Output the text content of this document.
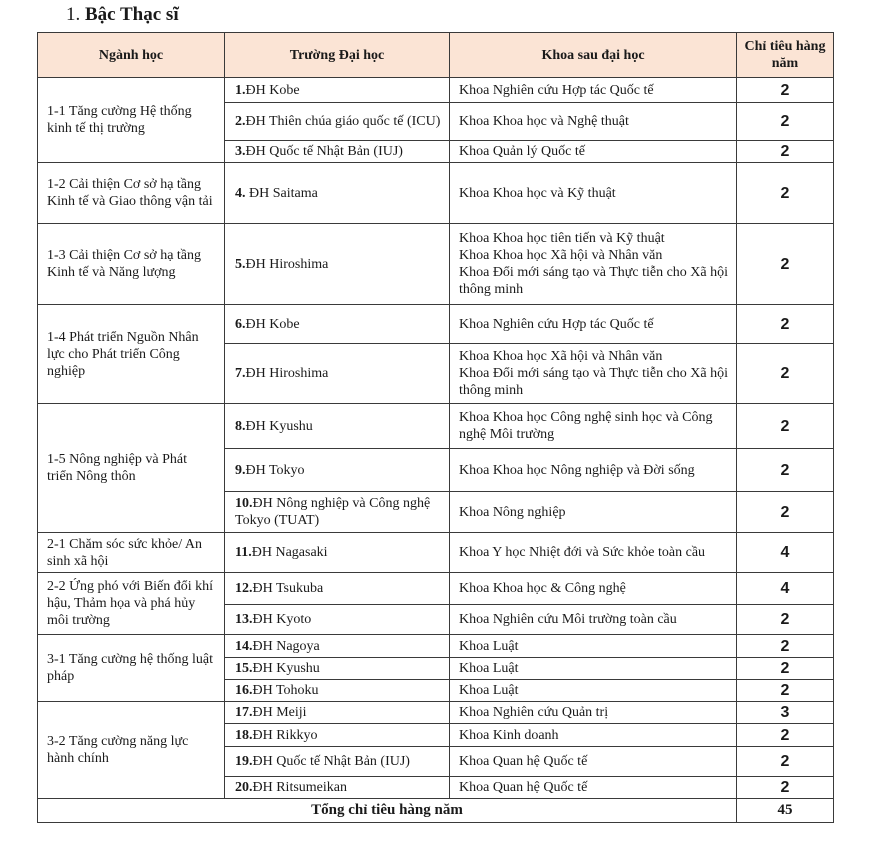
1. Bậc Thạc sĩ
Ngành học	Trường Đại học	Khoa sau đại học	Chỉ tiêu hàng năm
1-1 Tăng cường Hệ thống kinh tế thị trường	1.ĐH Kobe	Khoa Nghiên cứu Hợp tác Quốc tế	2
	2.ĐH Thiên chúa giáo quốc tế (ICU)	Khoa Khoa học và Nghệ thuật	2
	3.ĐH Quốc tế Nhật Bản (IUJ)	Khoa Quản lý Quốc tế	2
1-2 Cải thiện Cơ sở hạ tầng Kinh tế và Giao thông vận tải	4. ĐH Saitama	Khoa Khoa học và Kỹ thuật	2
1-3 Cải thiện Cơ sở hạ tầng Kinh tế và Năng lượng	5.ĐH Hiroshima	Khoa Khoa học tiên tiến và Kỹ thuật
Khoa Khoa học Xã hội và Nhân văn
Khoa Đổi mới sáng tạo và Thực tiễn cho Xã hội thông minh	2
1-4 Phát triển Nguồn Nhân lực cho Phát triển Công nghiệp	6.ĐH Kobe	Khoa Nghiên cứu Hợp tác Quốc tế	2
	7.ĐH Hiroshima	Khoa Khoa học Xã hội và Nhân văn
Khoa Đổi mới sáng tạo và Thực tiễn cho Xã hội thông minh	2
1-5 Nông nghiệp và Phát triển Nông thôn	8.ĐH Kyushu	Khoa Khoa học Công nghệ sinh học và Công nghệ Môi trường	2
	9.ĐH Tokyo	Khoa Khoa học Nông nghiệp và Đời sống	2
	10.ĐH Nông nghiệp và Công nghệ Tokyo (TUAT)	Khoa Nông nghiệp	2
2-1 Chăm sóc sức khỏe/ An sinh xã hội	11.ĐH Nagasaki	Khoa Y học Nhiệt đới và Sức khỏe toàn cầu	4
2-2 Ứng phó với Biến đổi khí hậu, Thảm họa và phá hủy môi trường	12.ĐH Tsukuba	Khoa Khoa học & Công nghệ	4
	13.ĐH Kyoto	Khoa Nghiên cứu Môi trường toàn cầu	2
3-1 Tăng cường hệ thống luật pháp	14.ĐH Nagoya	Khoa Luật	2
	15.ĐH Kyushu	Khoa Luật	2
	16.ĐH Tohoku	Khoa Luật	2
3-2 Tăng cường năng lực hành chính	17.ĐH Meiji	Khoa Nghiên cứu Quản trị	3
	18.ĐH Rikkyo	Khoa Kinh doanh	2
	19.ĐH Quốc tế Nhật Bản (IUJ)	Khoa Quan hệ Quốc tế	2
	20.ĐH Ritsumeikan	Khoa Quan hệ Quốc tế	2
Tổng chỉ tiêu hàng năm			45
